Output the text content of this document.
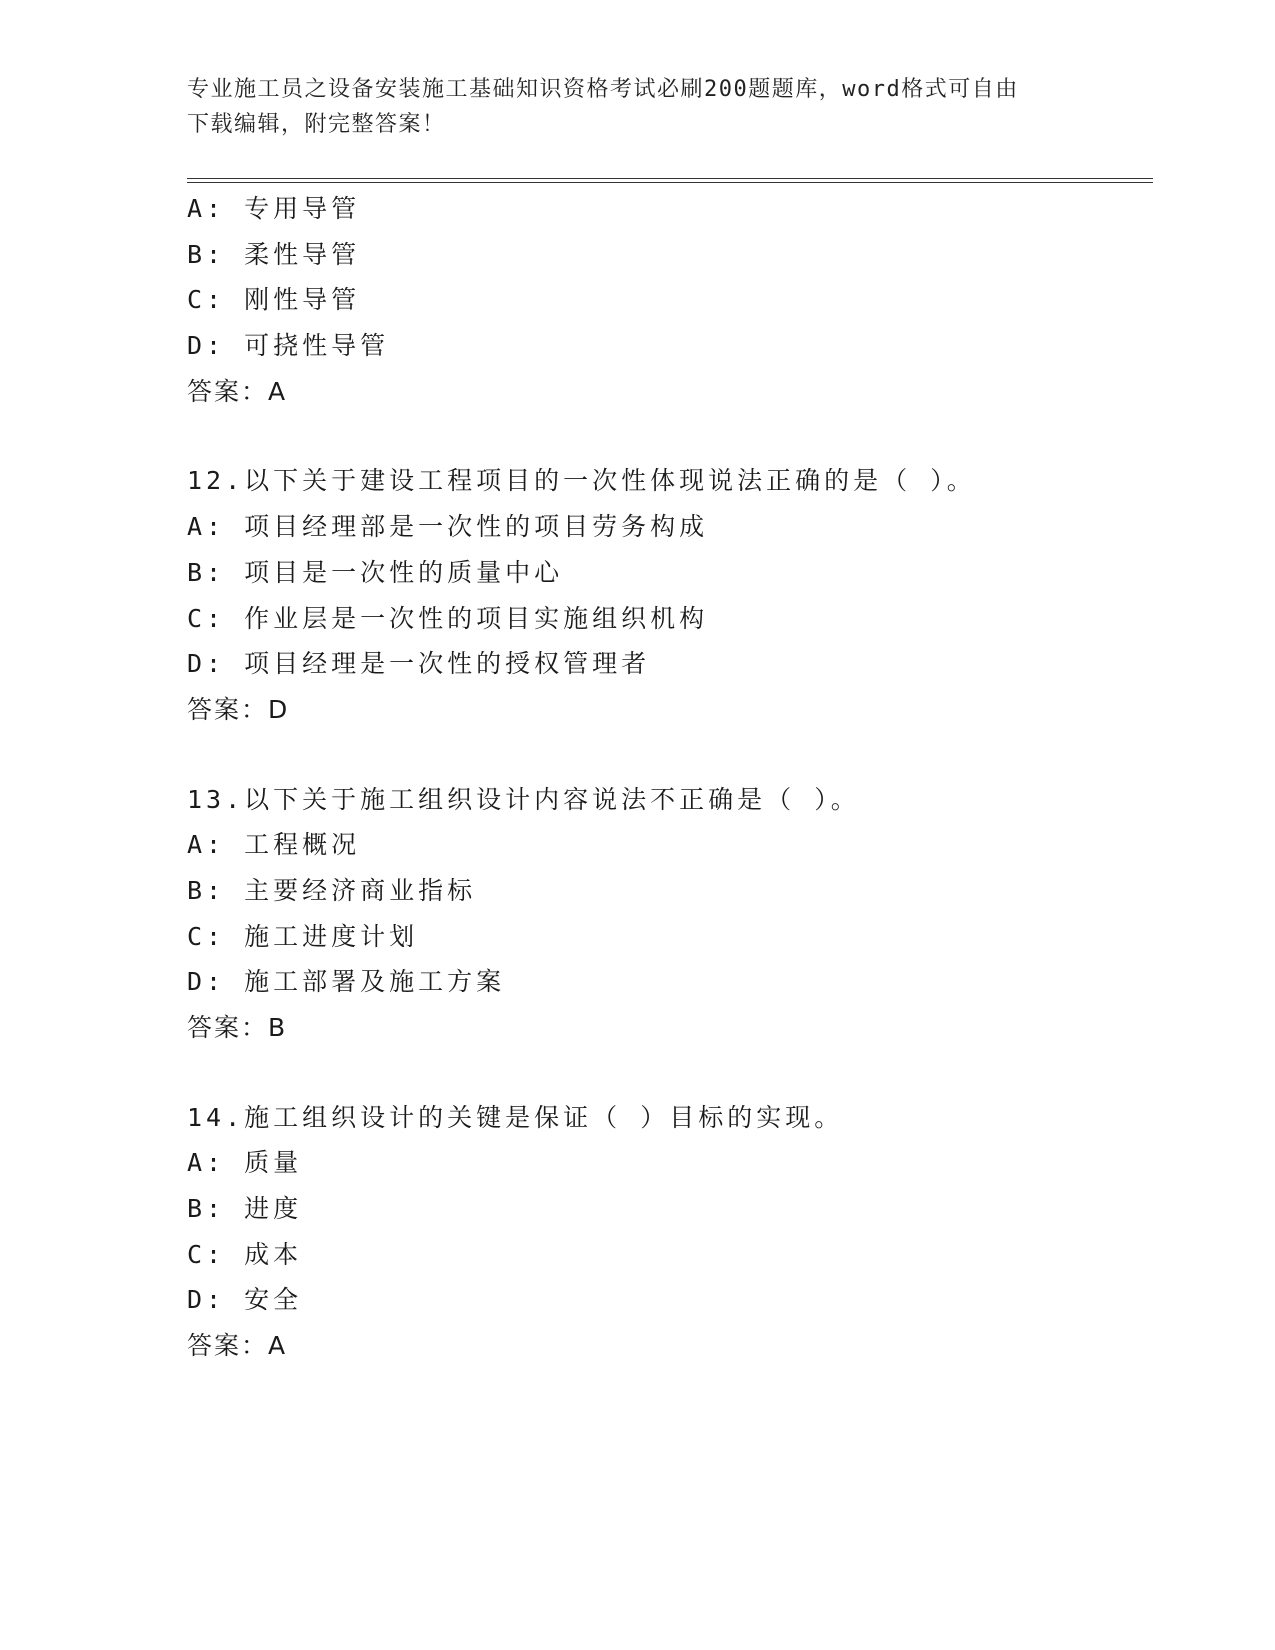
专业施工员之设备安装施工基础知识资格考试必刷200题题库，word格式可自由
下载编辑，附完整答案！
A: 专用导管
B: 柔性导管
C: 刚性导管
D: 可挠性导管
答案：A
12.以下关于建设工程项目的一次性体现说法正确的是（ ）。
A: 项目经理部是一次性的项目劳务构成
B: 项目是一次性的质量中心
C: 作业层是一次性的项目实施组织机构
D: 项目经理是一次性的授权管理者
答案：D
13.以下关于施工组织设计内容说法不正确是（ ）。
A: 工程概况
B: 主要经济商业指标
C: 施工进度计划
D: 施工部署及施工方案
答案：B
14.施工组织设计的关键是保证（ ）目标的实现。
A: 质量
B: 进度
C: 成本
D: 安全
答案：A
